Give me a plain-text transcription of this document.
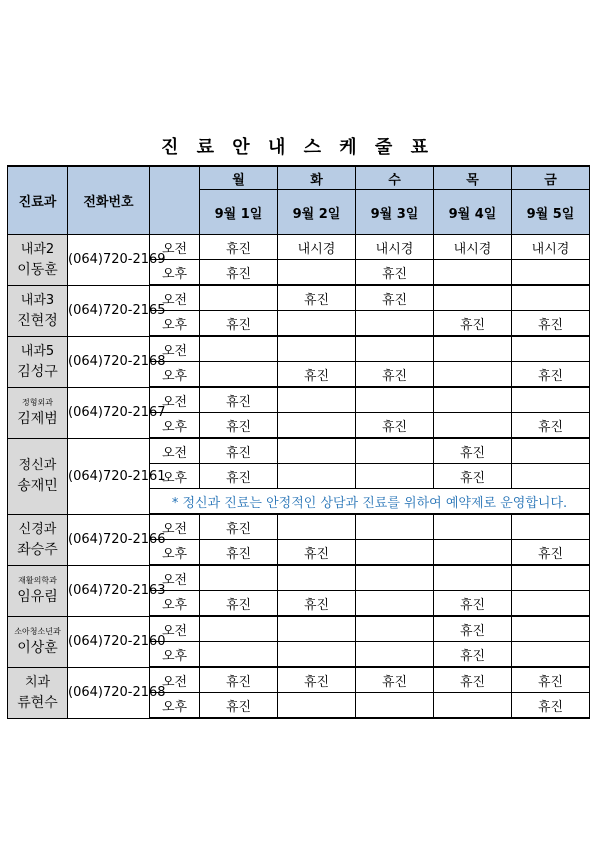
진 료 안 내 스 케 줄 표
진료과	전화번호		월	화	수	목	금
			9월 1일	9월 2일	9월 3일	9월 4일	9월 5일

내과2
이동훈	(064)720-2169	오전	휴진	내시경	내시경	내시경	내시경
		오후	휴진		휴진		

내과3
진현정	(064)720-2165	오전		휴진	휴진		
		오후	휴진			휴진	휴진

내과5
김성구	(064)720-2168	오전					
		오후		휴진	휴진		휴진

정형외과
김제범	(064)720-2167	오전	휴진				
		오후	휴진		휴진		휴진

정신과
송재민	(064)720-2161	오전	휴진			휴진	
		오후	휴진			휴진	
		* 정신과 진료는 안정적인 상담과 진료를 위하여 예약제로 운영합니다.					

신경과
좌승주	(064)720-2166	오전	휴진				
		오후	휴진	휴진			휴진

재활의학과
임유림	(064)720-2163	오전					
		오후	휴진	휴진		휴진	

소아청소년과
이상훈	(064)720-2160	오전				휴진	
		오후				휴진	

치과
류현수	(064)720-2168	오전	휴진	휴진	휴진	휴진	휴진
		오후	휴진				휴진
